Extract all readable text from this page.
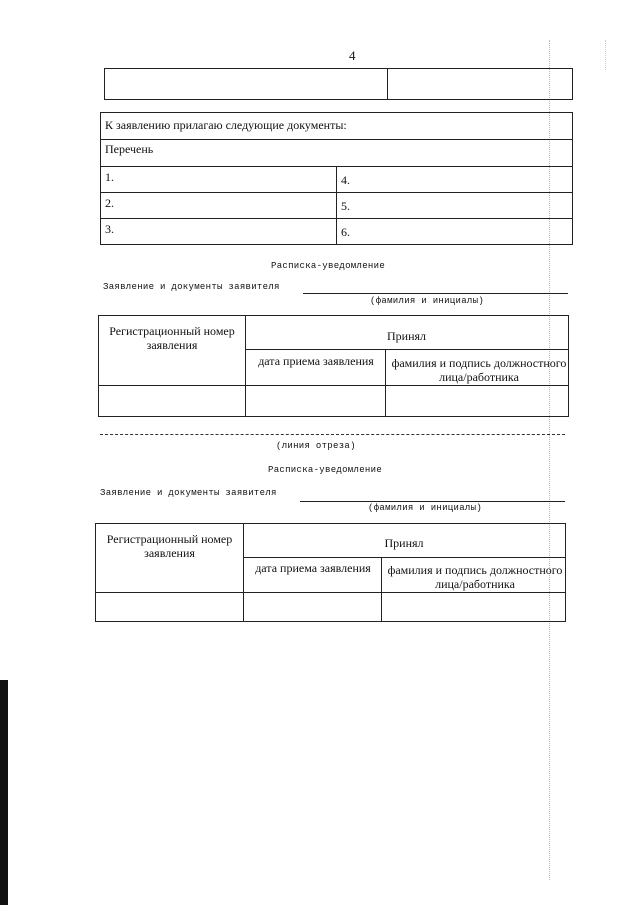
4
К заявлению прилагаю следующие документы:
Перечень
1.
2.
3.
4.
5.
6.
Расписка-уведомление
Заявление и документы заявителя
(фамилия и инициалы)
Регистрационный номер заявления
Принял
дата приема заявления	фамилия и подпись должностного лица/работника
(линия отреза)
Расписка-уведомление
Заявление и документы заявителя
(фамилия и инициалы)
Регистрационный номер заявления
Принял
дата приема заявления	фамилия и подпись должностного лица/работника
